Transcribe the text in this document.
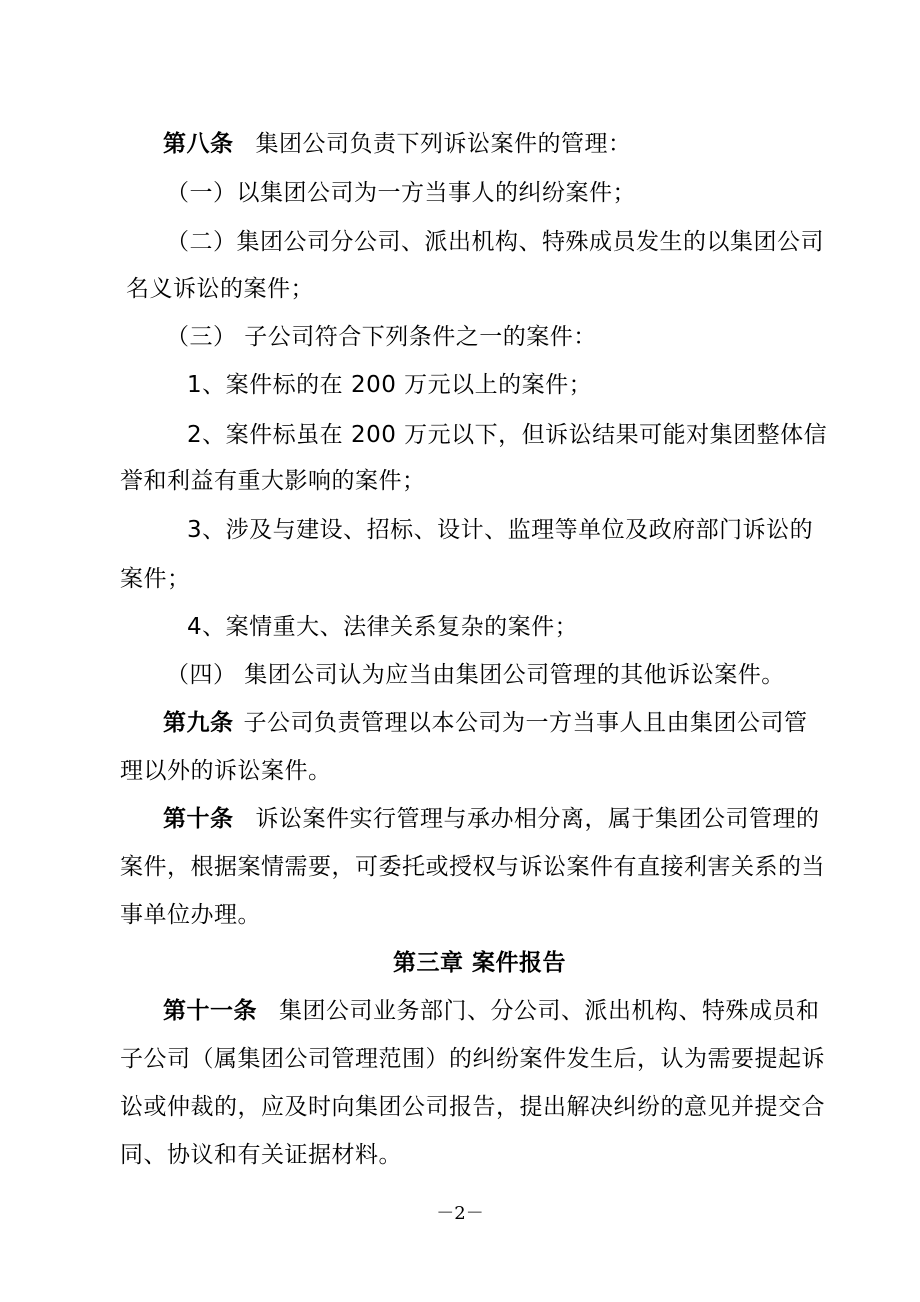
第八条 集团公司负责下列诉讼案件的管理：
（一）以集团公司为一方当事人的纠纷案件；
（二）集团公司分公司、派出机构、特殊成员发生的以集团公司
名义诉讼的案件；
（三） 子公司符合下列条件之一的案件：
1、案件标的在 200 万元以上的案件；
2、案件标虽在 200 万元以下，但诉讼结果可能对集团整体信
誉和利益有重大影响的案件；
3、涉及与建设、招标、设计、监理等单位及政府部门诉讼的
案件；
4、案情重大、法律关系复杂的案件；
（四） 集团公司认为应当由集团公司管理的其他诉讼案件。
第九条 子公司负责管理以本公司为一方当事人且由集团公司管
理以外的诉讼案件。
第十条 诉讼案件实行管理与承办相分离，属于集团公司管理的
案件，根据案情需要，可委托或授权与诉讼案件有直接利害关系的当
事单位办理。
第三章 案件报告
第十一条 集团公司业务部门、分公司、派出机构、特殊成员和
子公司（属集团公司管理范围）的纠纷案件发生后，认为需要提起诉
讼或仲裁的，应及时向集团公司报告，提出解决纠纷的意见并提交合
同、协议和有关证据材料。
－2－
